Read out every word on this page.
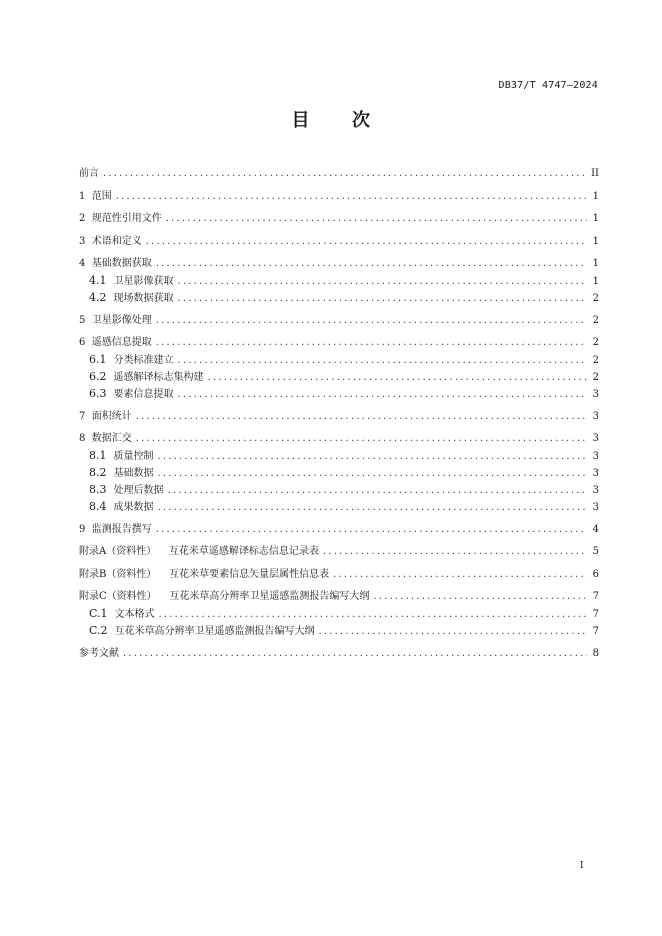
DB37/T 4747—2024
目 次
前言 .....	II
1 范围 .....	1
2 规范性引用文件 .....	1
3 术语和定义 .....	1
4 基础数据获取 .....	1
4.1 卫星影像获取 .....	1
4.2 现场数据获取 .....	2
5 卫星影像处理 .....	2
6 遥感信息提取 .....	2
6.1 分类标准建立 .....	2
6.2 遥感解译标志集构建 .....	2
6.3 要素信息提取 .....	3
7 面积统计 .....	3
8 数据汇交 .....	3
8.1 质量控制 .....	3
8.2 基础数据 .....	3
8.3 处理后数据 .....	3
8.4 成果数据 .....	3
9 监测报告撰写 .....	4
附录A（资料性） 互花米草遥感解译标志信息记录表 .....	5
附录B（资料性） 互花米草要素信息矢量层属性信息表 .....	6
附录C（资料性） 互花米草高分辨率卫星遥感监测报告编写大纲 .....	7
C.1 文本格式 .....	7
C.2 互花米草高分辨率卫星遥感监测报告编写大纲 .....	7
参考文献 .....	8
I
